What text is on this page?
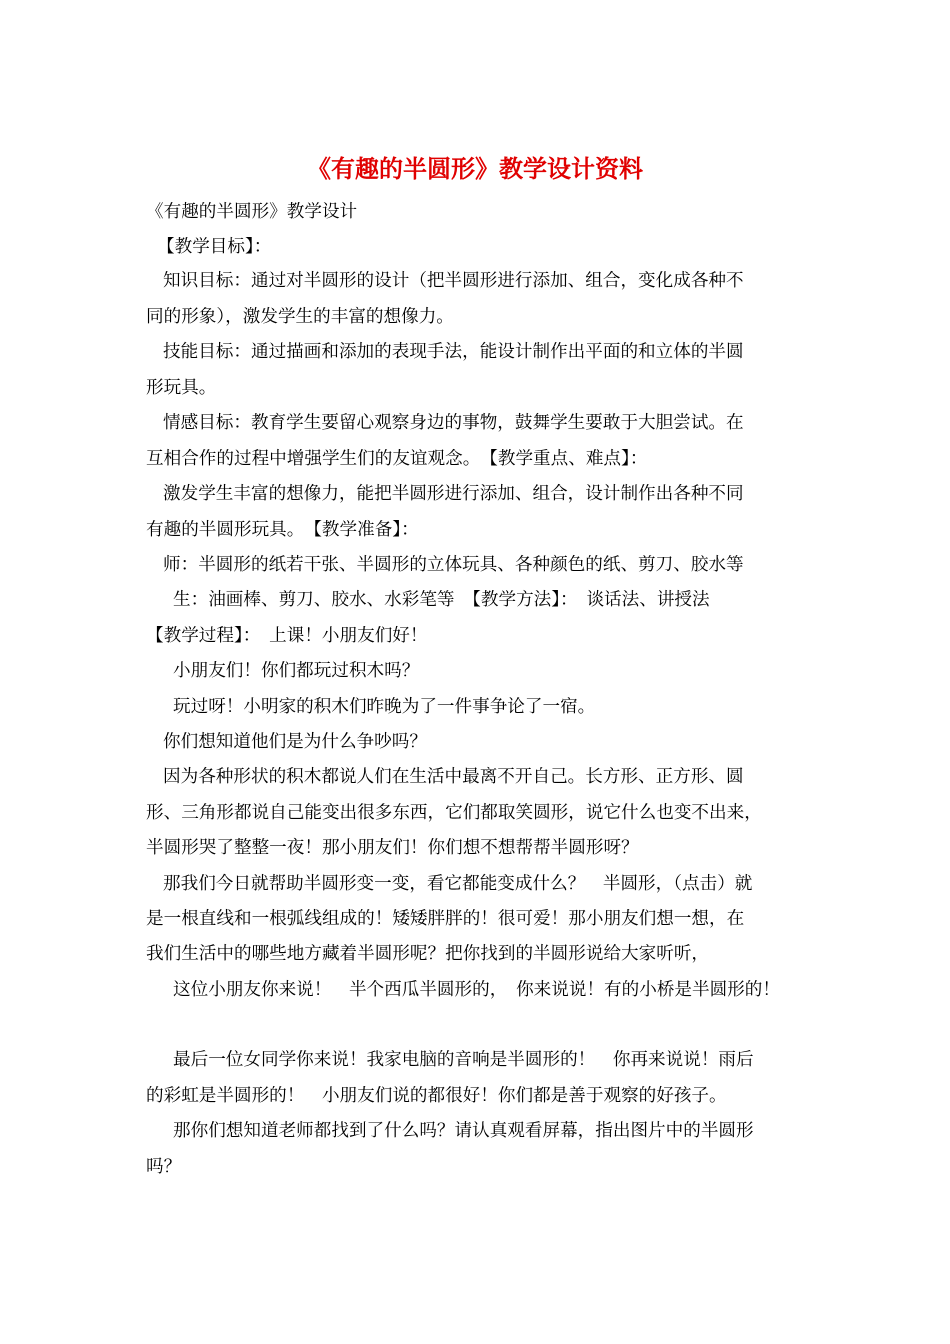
《有趣的半圆形》教学设计资料
《有趣的半圆形》教学设计
【教学目标】：
知识目标：通过对半圆形的设计（把半圆形进行添加、组合，变化成各种不
同的形象），激发学生的丰富的想像力。
技能目标：通过描画和添加的表现手法，能设计制作出平面的和立体的半圆
形玩具。
情感目标：教育学生要留心观察身边的事物，鼓舞学生要敢于大胆尝试。在
互相合作的过程中增强学生们的友谊观念。　【教学重点、难点】：
激发学生丰富的想像力，能把半圆形进行添加、组合，设计制作出各种不同
有趣的半圆形玩具。　【教学准备】：
师：半圆形的纸若干张、半圆形的立体玩具、各种颜色的纸、剪刀、胶水等
生：油画棒、剪刀、胶水、水彩笔等　【教学方法】：　谈话法、讲授法
【教学过程】：　上课！小朋友们好！
小朋友们！你们都玩过积木吗？
玩过呀！小明家的积木们昨晚为了一件事争论了一宿。
你们想知道他们是为什么争吵吗？
因为各种形状的积木都说人们在生活中最离不开自己。长方形、正方形、圆
形、三角形都说自己能变出很多东西，它们都取笑圆形，说它什么也变不出来，
半圆形哭了整整一夜！那小朋友们！你们想不想帮帮半圆形呀？
那我们今日就帮助半圆形变一变，看它都能变成什么？　半圆形，（点击）就
是一根直线和一根弧线组成的！矮矮胖胖的！很可爱！那小朋友们想一想，在
我们生活中的哪些地方藏着半圆形呢？把你找到的半圆形说给大家听听，
这位小朋友你来说！　半个西瓜半圆形的，　你来说说！有的小桥是半圆形的！
最后一位女同学你来说！我家电脑的音响是半圆形的！　你再来说说！雨后
的彩虹是半圆形的！　小朋友们说的都很好！你们都是善于观察的好孩子。
那你们想知道老师都找到了什么吗？请认真观看屏幕，指出图片中的半圆形
吗？
